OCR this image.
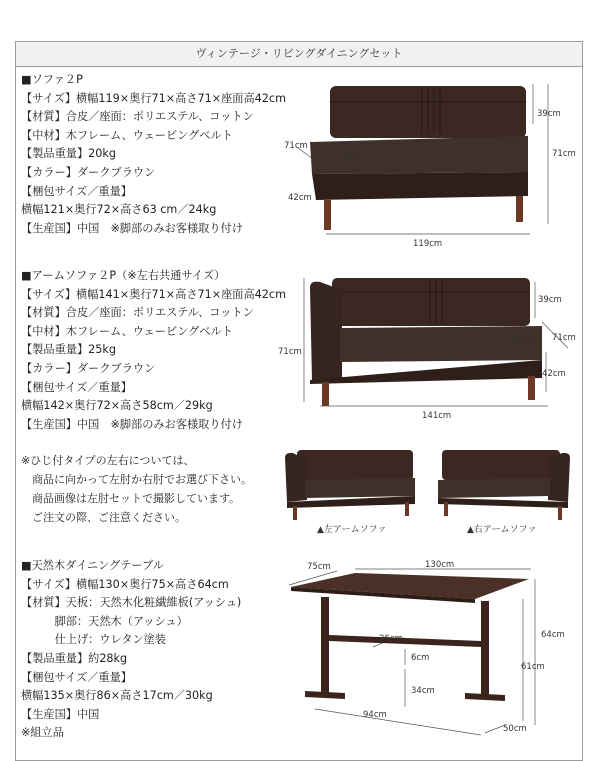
ヴィンテージ・リビングダイニングセット
■ソファ２P
【サイズ】横幅119×奥行71×高さ71×座面高42cm
【材質】合皮／座面：ポリエステル、コットン
【中材】木フレーム、ウェービングベルト
【製品重量】20kg
【カラー】ダークブラウン
【梱包サイズ／重量】
横幅121×奥行72×高さ63 cm／24kg
【生産国】中国　※脚部のみお客様取り付け
39cm
71cm
71cm
46cm
42cm
119cm
■アームソファ２P（※左右共通サイズ）
【サイズ】横幅141×奥行71×高さ71×座面高42cm
【材質】合皮／座面：ポリエステル、コットン
【中材】木フレーム、ウェービングベルト
【製品重量】25kg
【カラー】ダークブラウン
【梱包サイズ／重量】
横幅142×奥行72×高さ58cm／29kg
【生産国】中国　※脚部のみお客様取り付け
39cm
71cm
71cm
46cm
42cm
141cm
※ひじ付タイプの左右については、
　商品に向かって左肘か右肘でお選び下さい。
　商品画像は左肘セットで撮影しています。
　ご注文の際、ご注意ください。
▲左アームソファ	▲右アームソファ
■天然木ダイニングテーブル
【サイズ】横幅130×奥行75×高さ64cm
【材質】天板：天然木化粧繊維板(アッシュ)
　　　脚部：天然木（アッシュ）
　　　仕上げ：ウレタン塗装
【製品重量】約28kg
【梱包サイズ／重量】
横幅135×奥行86×高さ17cm／30kg
【生産国】中国
※組立品
75cm	130cm
64cm
61cm
26cm
6cm
34cm
94cm
50cm
